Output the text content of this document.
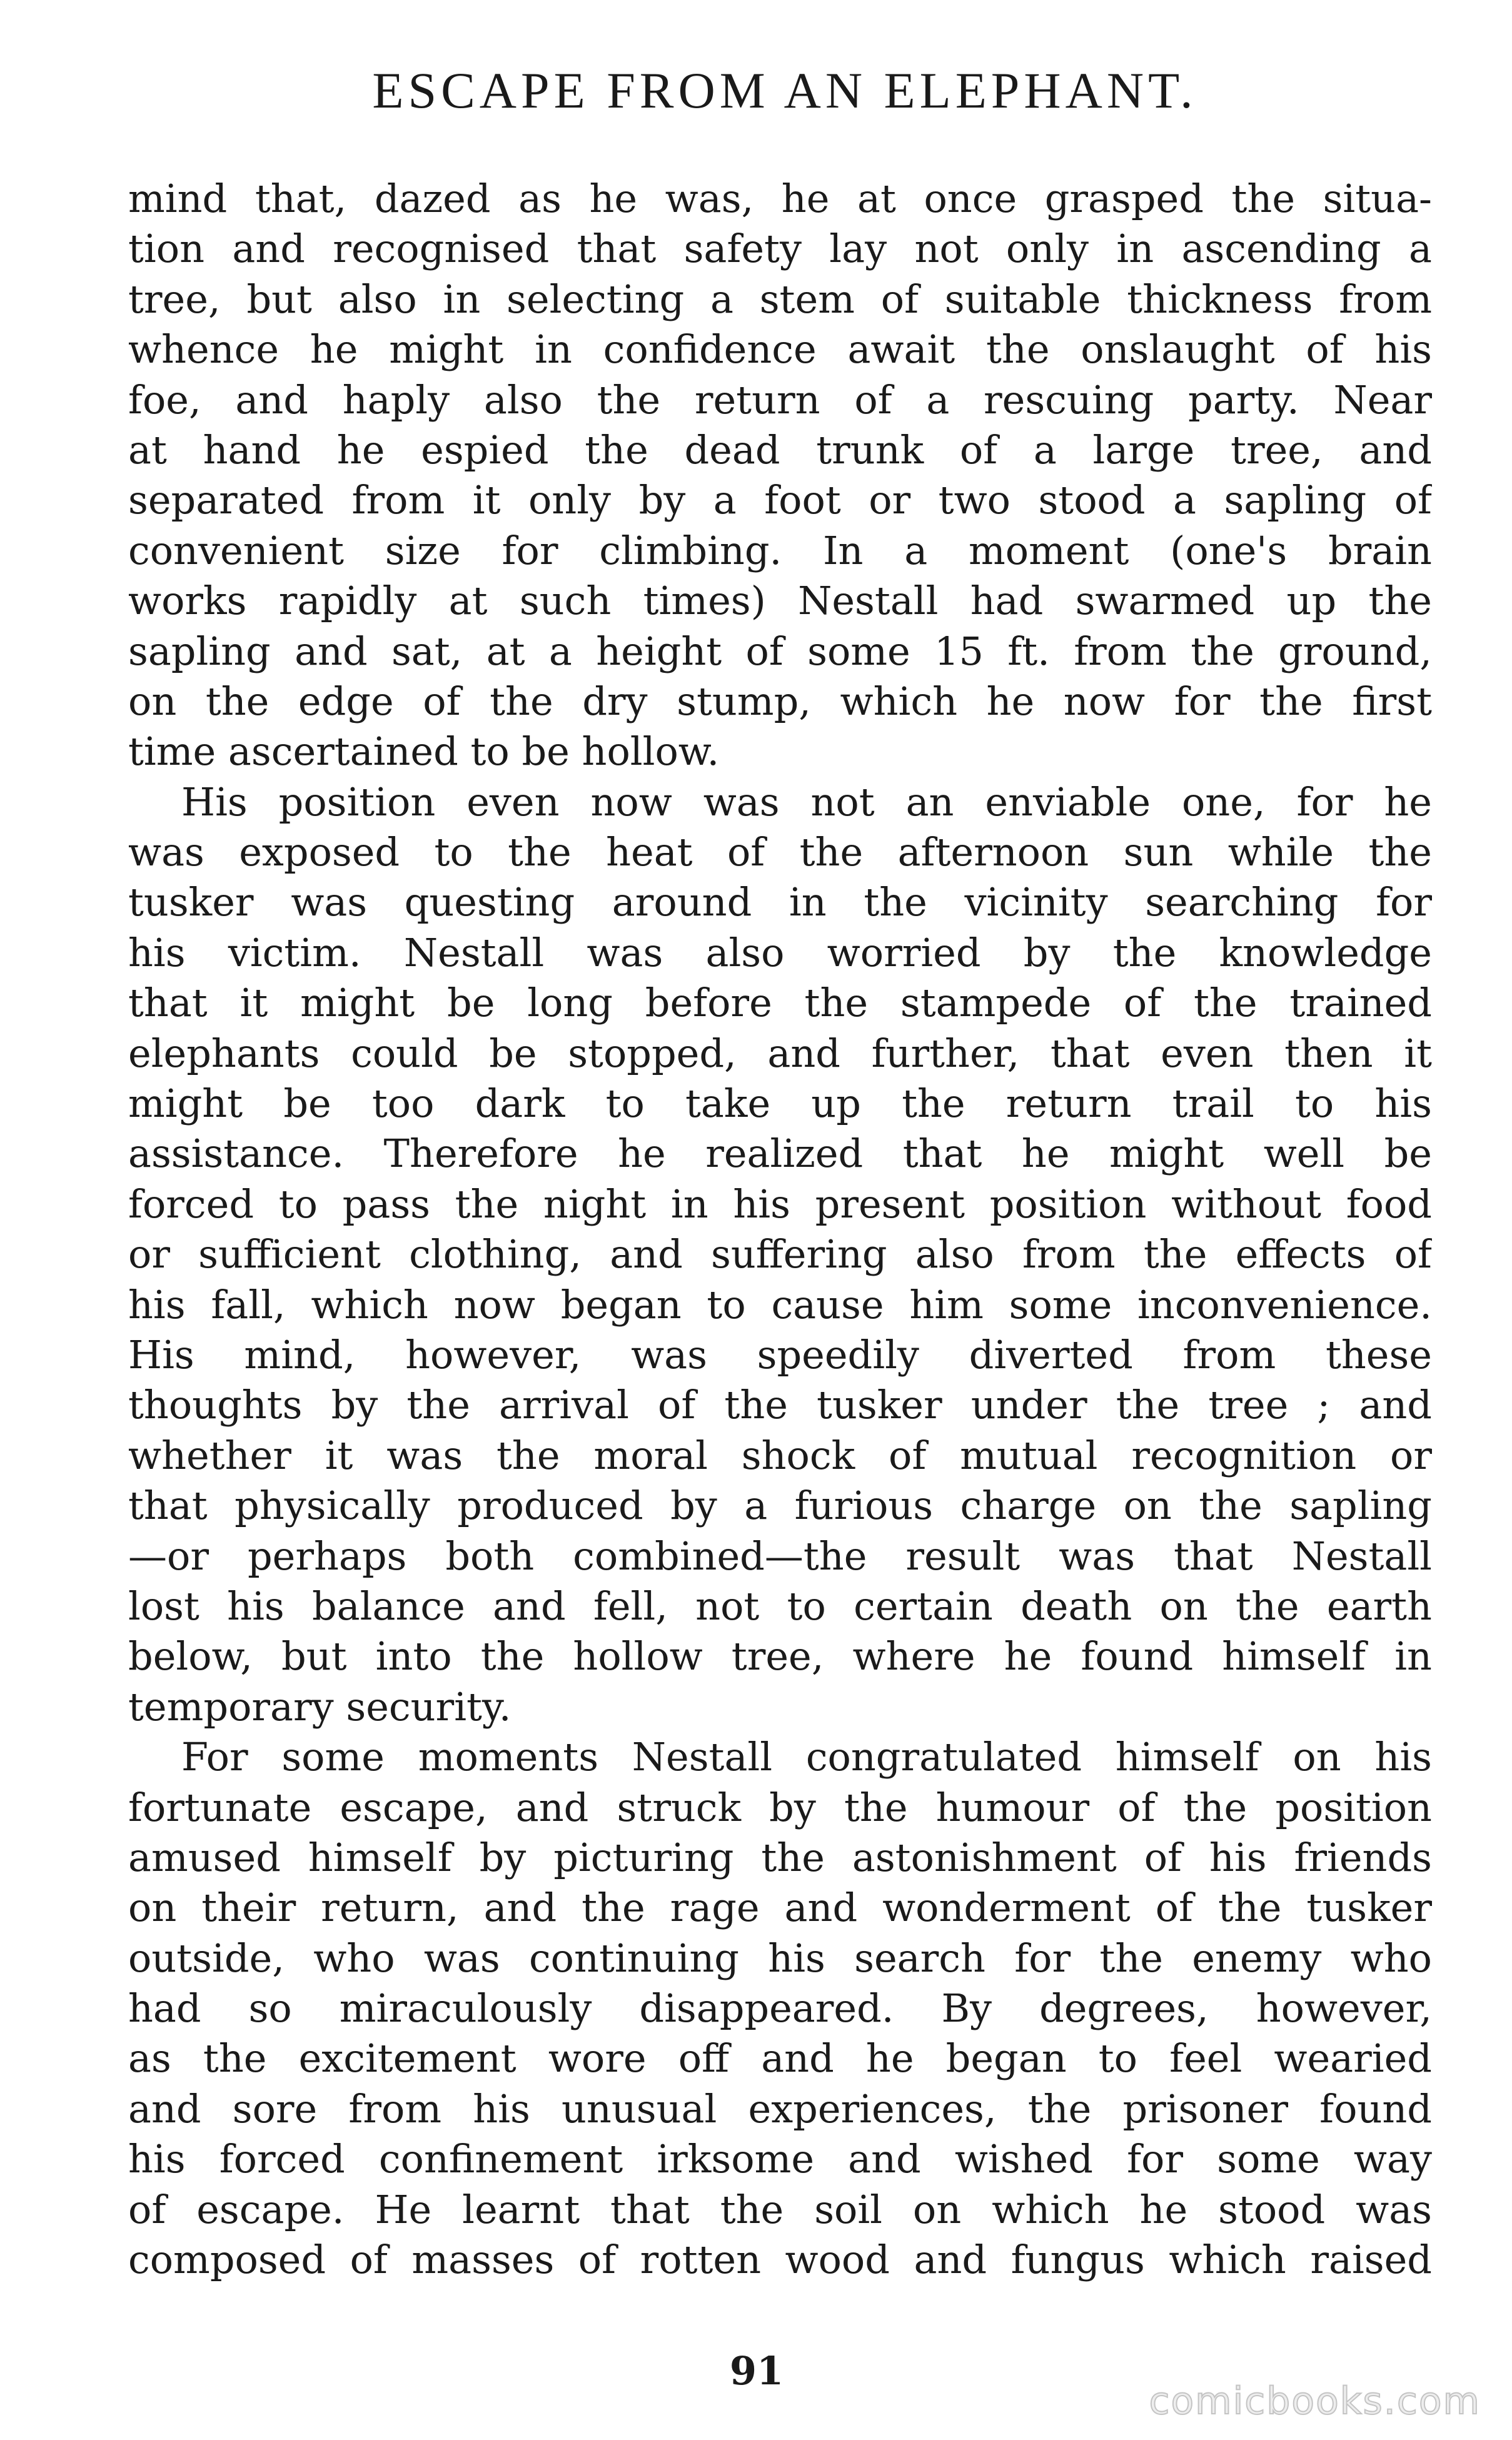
ESCAPE FROM AN ELEPHANT.
mind that, dazed as he was, he at once grasped the situa-
tion and recognised that safety lay not only in ascending a
tree, but also in selecting a stem of suitable thickness from
whence he might in confidence await the onslaught of his
foe, and haply also the return of a rescuing party. Near
at hand he espied the dead trunk of a large tree, and
separated from it only by a foot or two stood a sapling of
convenient size for climbing. In a moment (one's brain
works rapidly at such times) Nestall had swarmed up the
sapling and sat, at a height of some 15 ft. from the ground,
on the edge of the dry stump, which he now for the first
time ascertained to be hollow.
His position even now was not an enviable one, for he
was exposed to the heat of the afternoon sun while the
tusker was questing around in the vicinity searching for
his victim. Nestall was also worried by the knowledge
that it might be long before the stampede of the trained
elephants could be stopped, and further, that even then it
might be too dark to take up the return trail to his
assistance. Therefore he realized that he might well be
forced to pass the night in his present position without food
or sufficient clothing, and suffering also from the effects of
his fall, which now began to cause him some inconvenience.
His mind, however, was speedily diverted from these
thoughts by the arrival of the tusker under the tree ; and
whether it was the moral shock of mutual recognition or
that physically produced by a furious charge on the sapling
—or perhaps both combined—the result was that Nestall
lost his balance and fell, not to certain death on the earth
below, but into the hollow tree, where he found himself in
temporary security.
For some moments Nestall congratulated himself on his
fortunate escape, and struck by the humour of the position
amused himself by picturing the astonishment of his friends
on their return, and the rage and wonderment of the tusker
outside, who was continuing his search for the enemy who
had so miraculously disappeared. By degrees, however,
as the excitement wore off and he began to feel wearied
and sore from his unusual experiences, the prisoner found
his forced confinement irksome and wished for some way
of escape. He learnt that the soil on which he stood was
composed of masses of rotten wood and fungus which raised
91
comicbooks.com
